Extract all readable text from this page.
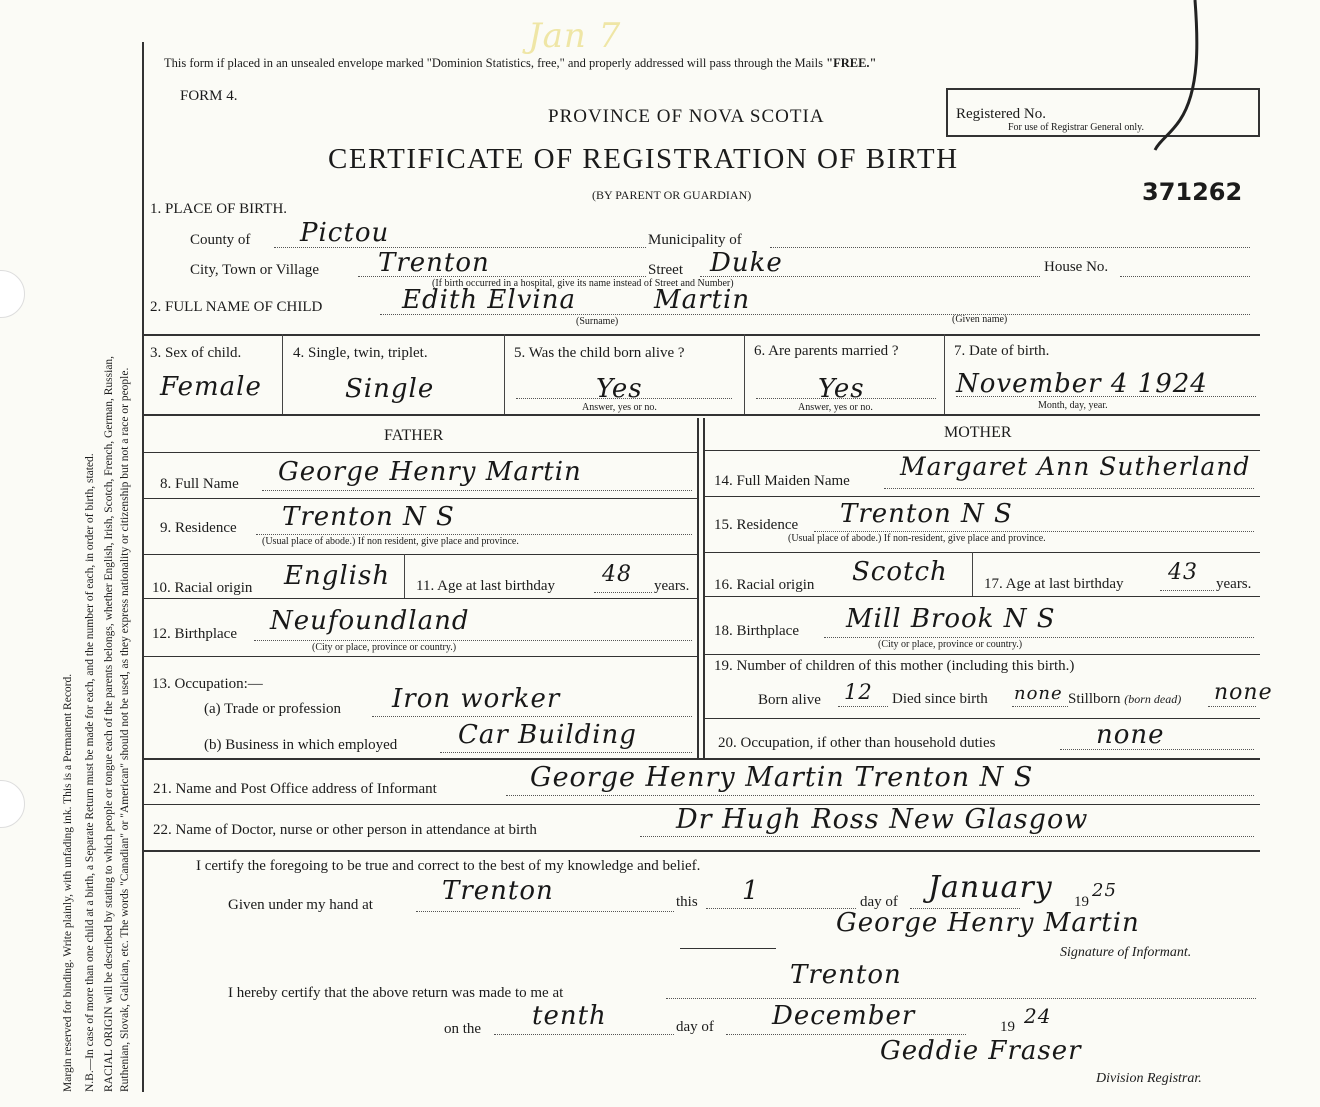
Margin reserved for binding. Write plainly, with unfading ink. This is a Permanent Record. N.B.—In case of more than one child at a birth, a Separate Return must be made for each, and the number of each, in order of birth, stated. RACIAL ORIGIN will be described by stating to which people or tongue each of the parents belongs, whether English, Irish, Scotch, French, German, Russian, Ruthenian, Slovak, Galician, etc. The words "Canadian" or "American" should not be used, as they express nationality or citizenship but not a race or people.
This form if placed in an unsealed envelope marked "Dominion Statistics, free," and properly addressed will pass through the Mails "FREE."
Jan 7
FORM 4.
PROVINCE OF NOVA SCOTIA
CERTIFICATE OF REGISTRATION OF BIRTH
(BY PARENT OR GUARDIAN)
Registered No.
For use of Registrar General only.
371262
1. PLACE OF BIRTH.
County of Pictou	Municipality of
City, Town or Village Trenton	Street Duke	House No.
(If birth occurred in a hospital, give its name instead of Street and Number)
2. FULL NAME OF CHILD	Edith Elvina	Martin
(Surname)	(Given name)
3. Sex of child.
Female
4. Single, twin, triplet.
Single
5. Was the child born alive ?
Yes
Answer, yes or no.
6. Are parents married ?
Yes
Answer, yes or no.
7. Date of birth.
November 4 1924
Month, day, year.
FATHER	MOTHER
8. Full Name George Henry Martin
9. Residence Trenton N S
(Usual place of abode.) If non resident, give place and province.
10. Racial origin English 11. Age at last birthday 48 years.
12. Birthplace Neufoundland
(City or place, province or country.)
13. Occupation:—
(a) Trade or profession Iron worker
(b) Business in which employed Car Building
14. Full Maiden Name Margaret Ann Sutherland
15. Residence Trenton N S
(Usual place of abode.) If non-resident, give place and province.
16. Racial origin Scotch 17. Age at last birthday 43 years.
18. Birthplace Mill Brook N S
(City or place, province or country.)
19. Number of children of this mother (including this birth.)
Born alive 12 Died since birth none Stillborn (born dead) none
20. Occupation, if other than household duties	none
21. Name and Post Office address of Informant	George Henry Martin Trenton N S
22. Name of Doctor, nurse or other person in attendance at birth	Dr Hugh Ross New Glasgow
I certify the foregoing to be true and correct to the best of my knowledge and belief.
Given under my hand at	Trenton	this 1	day of January 19
25
George Henry Martin
Signature of Informant.
I hereby certify that the above return was made to me at
Trenton
on the tenth	day of December	19 24
Geddie Fraser
Division Registrar.
